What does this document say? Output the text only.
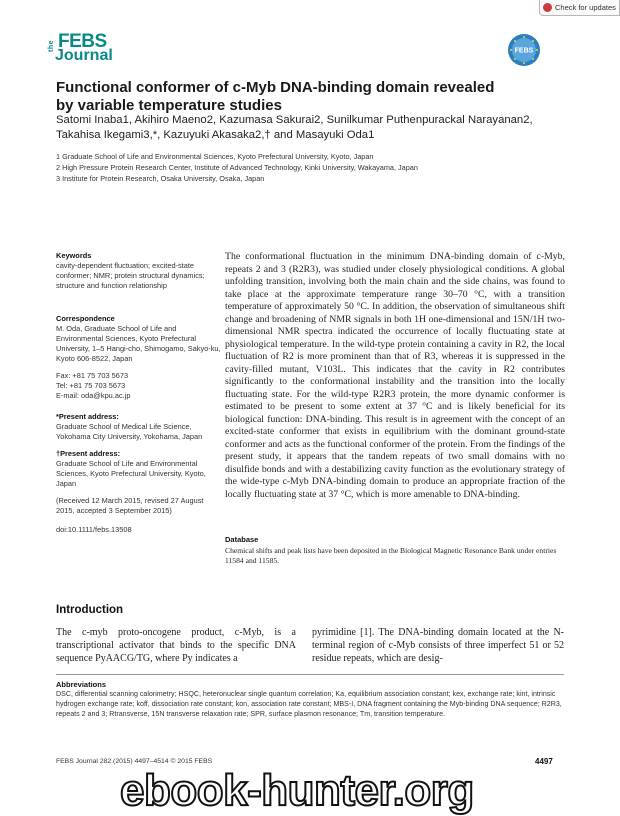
Check for updates
the FEBS
Journal	FEBS
Functional conformer of c-Myb DNA-binding domain revealed by variable temperature studies
Satomi Inaba1, Akihiro Maeno2, Kazumasa Sakurai2, Sunilkumar Puthenpurackal Narayanan2, Takahisa Ikegami3,*, Kazuyuki Akasaka2,† and Masayuki Oda1
1 Graduate School of Life and Environmental Sciences, Kyoto Prefectural University, Kyoto, Japan
2 High Pressure Protein Research Center, Institute of Advanced Technology, Kinki University, Wakayama, Japan
3 Institute for Protein Research, Osaka University, Osaka, Japan
Keywords
cavity-dependent fluctuation; excited-state conformer; NMR; protein structural dynamics; structure and function relationship
Correspondence
M. Oda, Graduate School of Life and Environmental Sciences, Kyoto Prefectural University, 1–5 Hangi-cho, Shimogamo, Sakyo-ku, Kyoto 606-8522, Japan
Fax: +81 75 703 5673
Tel: +81 75 703 5673
E-mail: oda@kpu.ac.jp
*Present address:
Graduate School of Medical Life Science, Yokohama City University, Yokohama, Japan
†Present address:
Graduate School of Life and Environmental Sciences, Kyoto Prefectural University, Kyoto, Japan
(Received 12 March 2015, revised 27 August 2015, accepted 3 September 2015)
doi:10.1111/febs.13508
The conformational fluctuation in the minimum DNA-binding domain of c-Myb, repeats 2 and 3 (R2R3), was studied under closely physiological conditions. A global unfolding transition, involving both the main chain and the side chains, was found to take place at the approximate temperature range 30–70 °C, with a transition temperature of approximately 50 °C. In addition, the observation of simultaneous shift change and broadening of NMR signals in both 1H one-dimensional and 15N/1H two-dimensional NMR spectra indicated the occurrence of locally fluctuating state at physiological temperature. In the wild-type protein containing a cavity in R2, the local fluctuation of R2 is more prominent than that of R3, whereas it is suppressed in the cavity-filled mutant, V103L. This indicates that the cavity in R2 contributes significantly to the conformational instability and the transition into the locally fluctuating state. For the wild-type R2R3 protein, the more dynamic conformer is estimated to be present to some extent at 37 °C and is likely beneficial for its biological function: DNA-binding. This result is in agreement with the concept of an excited-state conformer that exists in equilibrium with the dominant ground-state conformer and acts as the functional conformer of the protein. From the findings of the present study, it appears that the tandem repeats of two small domains with no disulfide bonds and with a destabilizing cavity function as the evolutionary strategy of the wide-type c-Myb DNA-binding domain to produce an appropriate fraction of the locally fluctuating state at 37 °C, which is more amenable to DNA-binding.
Database
Chemical shifts and peak lists have been deposited in the Biological Magnetic Resonance Bank under entries 11584 and 11585.
Introduction
The c-myb proto-oncogene product, c-Myb, is a transcriptional activator that binds to the specific DNA sequence PyAACG/TG, where Py indicates a
pyrimidine [1]. The DNA-binding domain located at the N-terminal region of c-Myb consists of three imperfect 51 or 52 residue repeats, which are desig-
Abbreviations
DSC, differential scanning calorimetry; HSQC, heteronuclear single quantum correlation; Ka, equilibrium association constant; kex, exchange rate; kint, intrinsic hydrogen exchange rate; koff, dissociation rate constant; kon, association rate constant; MBS-I, DNA fragment containing the Myb-binding DNA sequence; R2R3, repeats 2 and 3; Rtransverse, 15N transverse relaxation rate; SPR, surface plasmon resonance; Tm, transition temperature.
FEBS Journal 282 (2015) 4497–4514 © 2015 FEBS	4497
ebook-hunter.org
